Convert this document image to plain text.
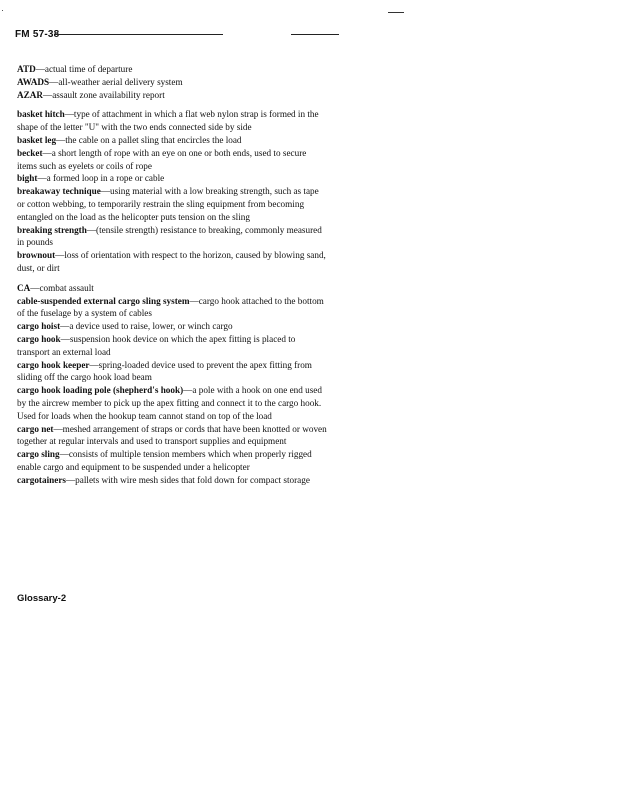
FM 57-38
ATD—actual time of departure
AWADS—all-weather aerial delivery system
AZAR—assault zone availability report
basket hitch—type of attachment in which a flat web nylon strap is formed in the shape of the letter "U" with the two ends connected side by side
basket leg—the cable on a pallet sling that encircles the load
becket—a short length of rope with an eye on one or both ends, used to secure items such as eyelets or coils of rope
bight—a formed loop in a rope or cable
breakaway technique—using material with a low breaking strength, such as tape or cotton webbing, to temporarily restrain the sling equipment from becoming entangled on the load as the helicopter puts tension on the sling
breaking strength—(tensile strength) resistance to breaking, commonly measured in pounds
brownout—loss of orientation with respect to the horizon, caused by blowing sand, dust, or dirt
CA—combat assault
cable-suspended external cargo sling system—cargo hook attached to the bottom of the fuselage by a system of cables
cargo hoist—a device used to raise, lower, or winch cargo
cargo hook—suspension hook device on which the apex fitting is placed to transport an external load
cargo hook keeper—spring-loaded device used to prevent the apex fitting from sliding off the cargo hook load beam
cargo hook loading pole (shepherd's hook)—a pole with a hook on one end used by the aircrew member to pick up the apex fitting and connect it to the cargo hook. Used for loads when the hookup team cannot stand on top of the load
cargo net—meshed arrangement of straps or cords that have been knotted or woven together at regular intervals and used to transport supplies and equipment
cargo sling—consists of multiple tension members which when properly rigged enable cargo and equipment to be suspended under a helicopter
cargotainers—pallets with wire mesh sides that fold down for compact storage
Glossary-2
